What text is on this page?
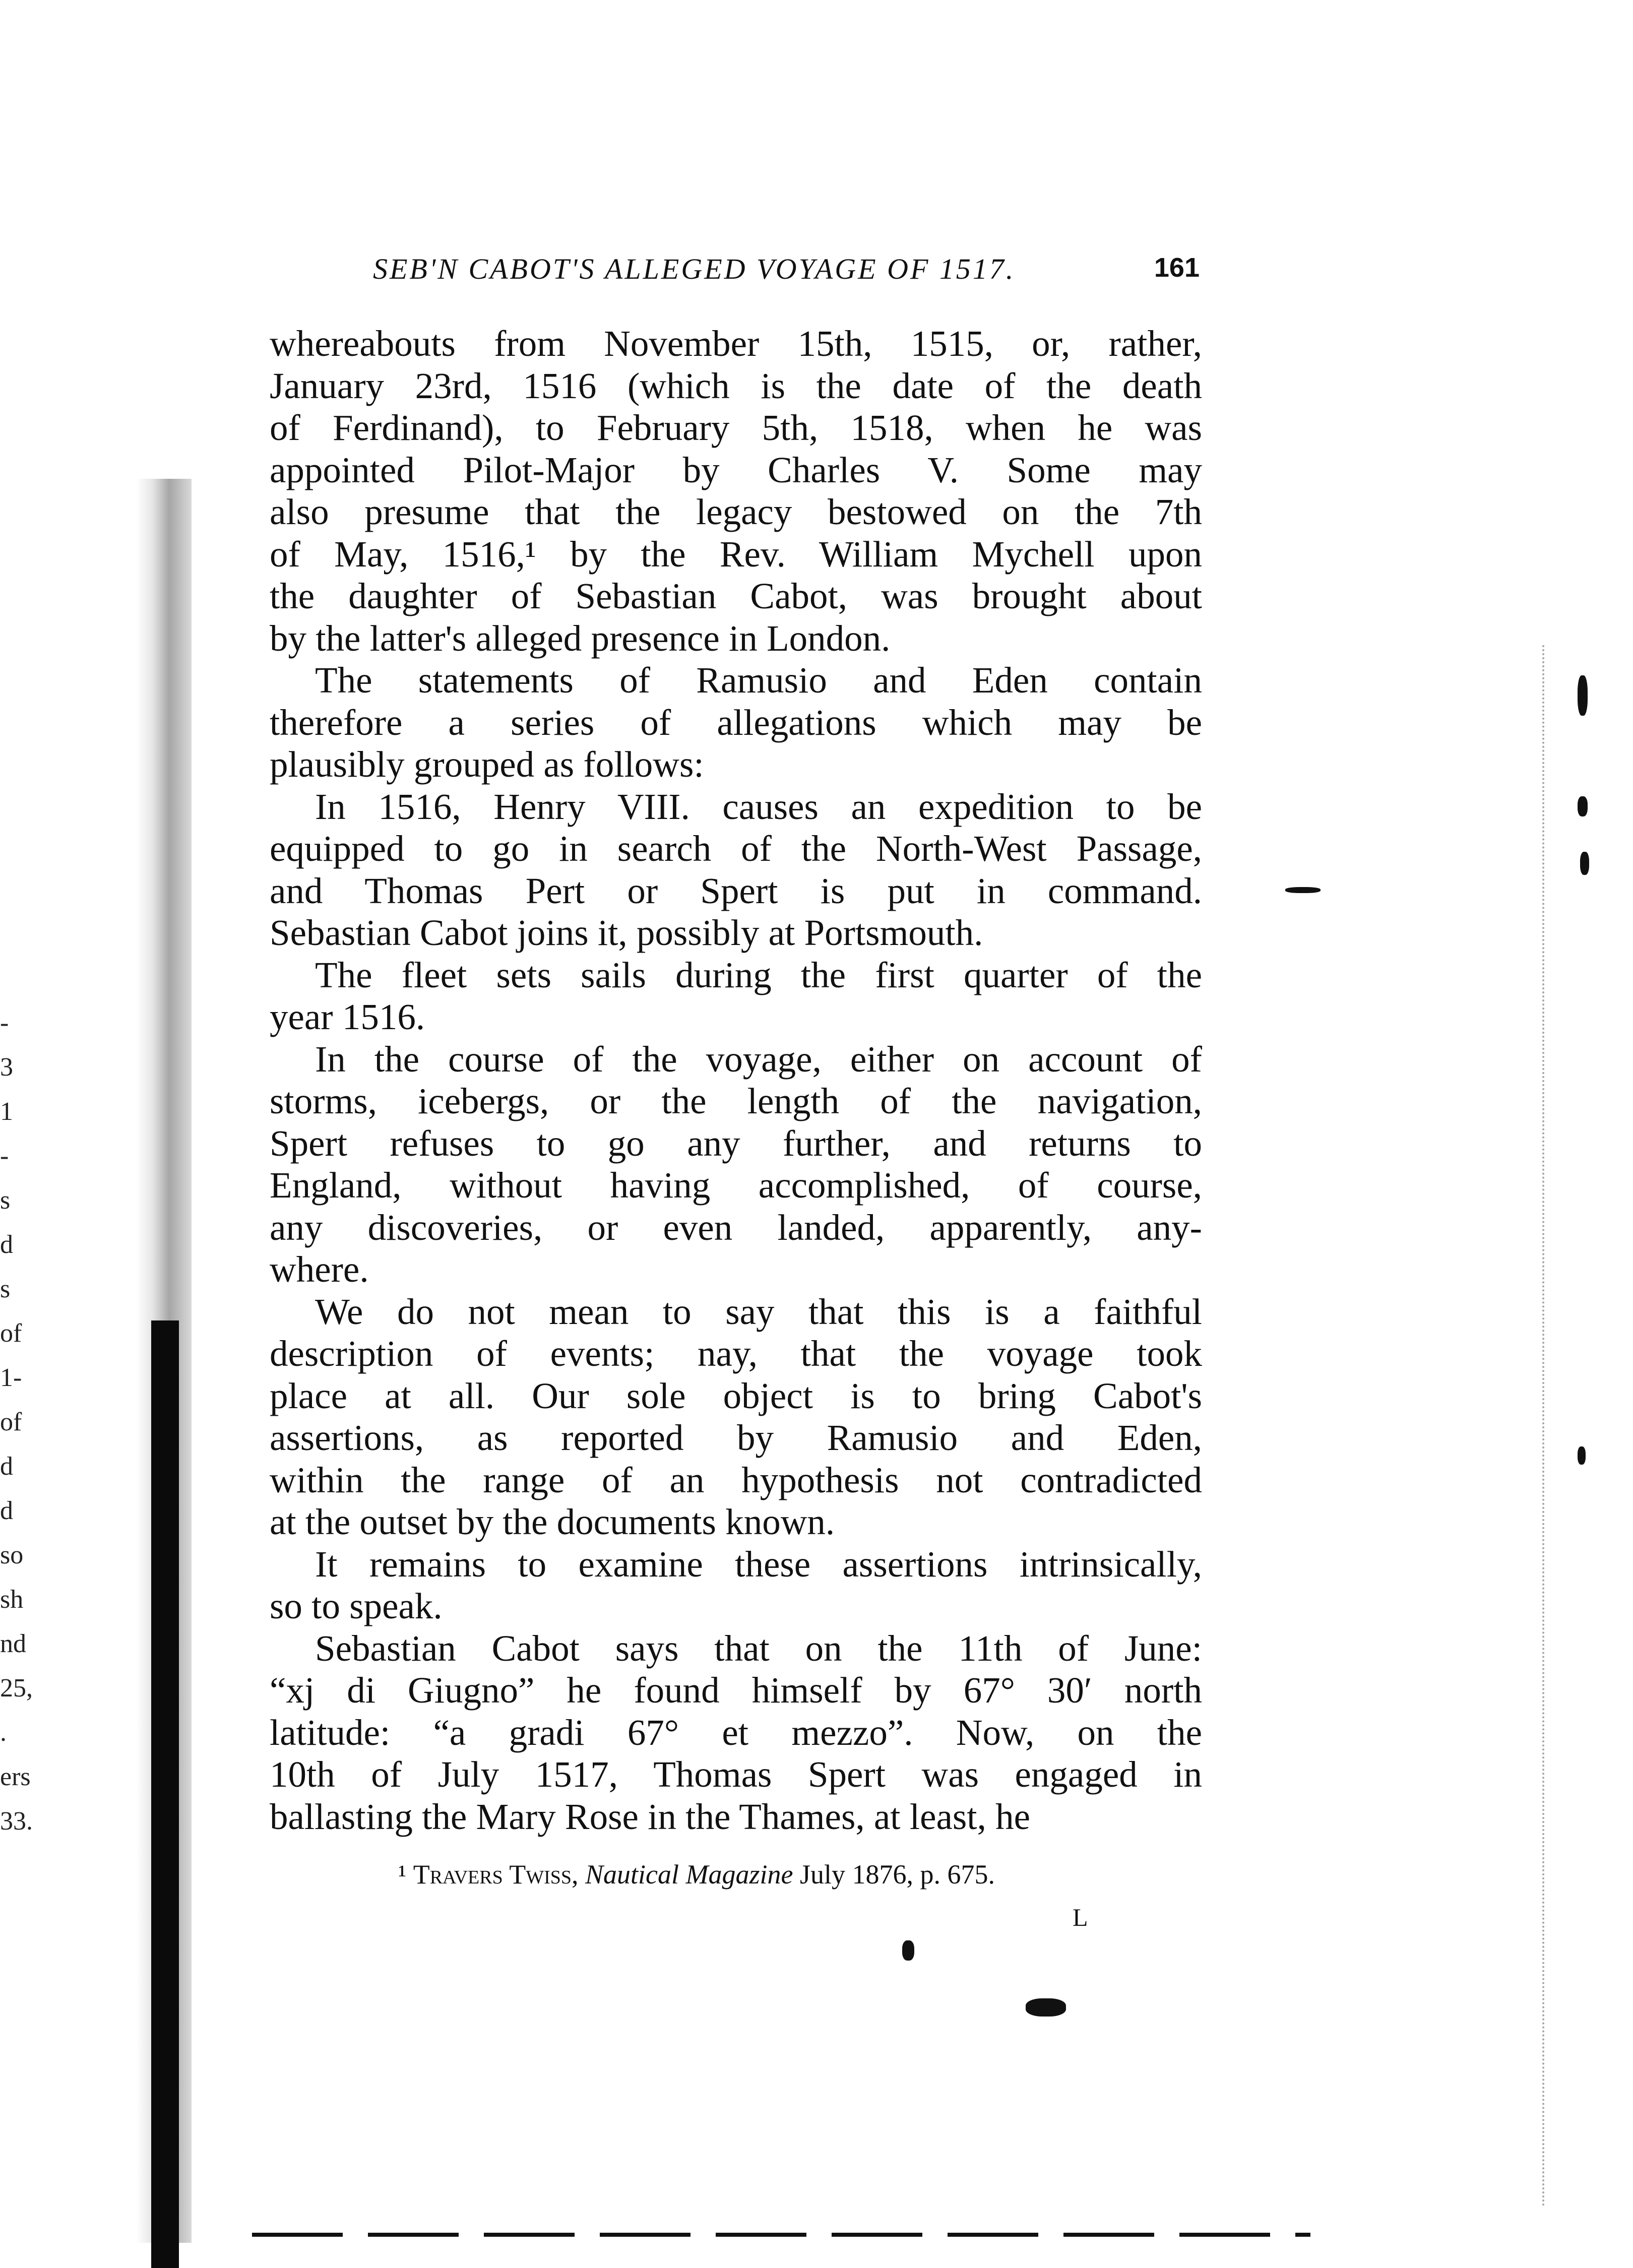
-
3
1
-
s
d
s
of
1-
of
d
d
so
sh
nd
25,
.
ers
33.
SEB'N CABOT'S ALLEGED VOYAGE OF 1517.	161

whereabouts from November 15th, 1515, or, rather,
January 23rd, 1516 (which is the date of the death
of Ferdinand), to February 5th, 1518, when he was
appointed Pilot-Major by Charles V. Some may
also presume that the legacy bestowed on the 7th
of May, 1516,¹ by the Rev. William Mychell upon
the daughter of Sebastian Cabot, was brought about
by the latter's alleged presence in London.

The statements of Ramusio and Eden contain
therefore a series of allegations which may be
plausibly grouped as follows:

In 1516, Henry VIII. causes an expedition to be
equipped to go in search of the North-West Passage,
and Thomas Pert or Spert is put in command.
Sebastian Cabot joins it, possibly at Portsmouth.

The fleet sets sails during the first quarter of the
year 1516.

In the course of the voyage, either on account of
storms, icebergs, or the length of the navigation,
Spert refuses to go any further, and returns to
England, without having accomplished, of course,
any discoveries, or even landed, apparently, any-
where.

We do not mean to say that this is a faithful
description of events; nay, that the voyage took
place at all. Our sole object is to bring Cabot's
assertions, as reported by Ramusio and Eden,
within the range of an hypothesis not contradicted
at the outset by the documents known.

It remains to examine these assertions intrinsically,
so to speak.

Sebastian Cabot says that on the 11th of June:
“xj di Giugno” he found himself by 67° 30′ north
latitude: “a gradi 67° et mezzo”. Now, on the
10th of July 1517, Thomas Spert was engaged in
ballasting the Mary Rose in the Thames, at least, he

¹ Travers Twiss, Nautical Magazine July 1876, p. 675.
L
